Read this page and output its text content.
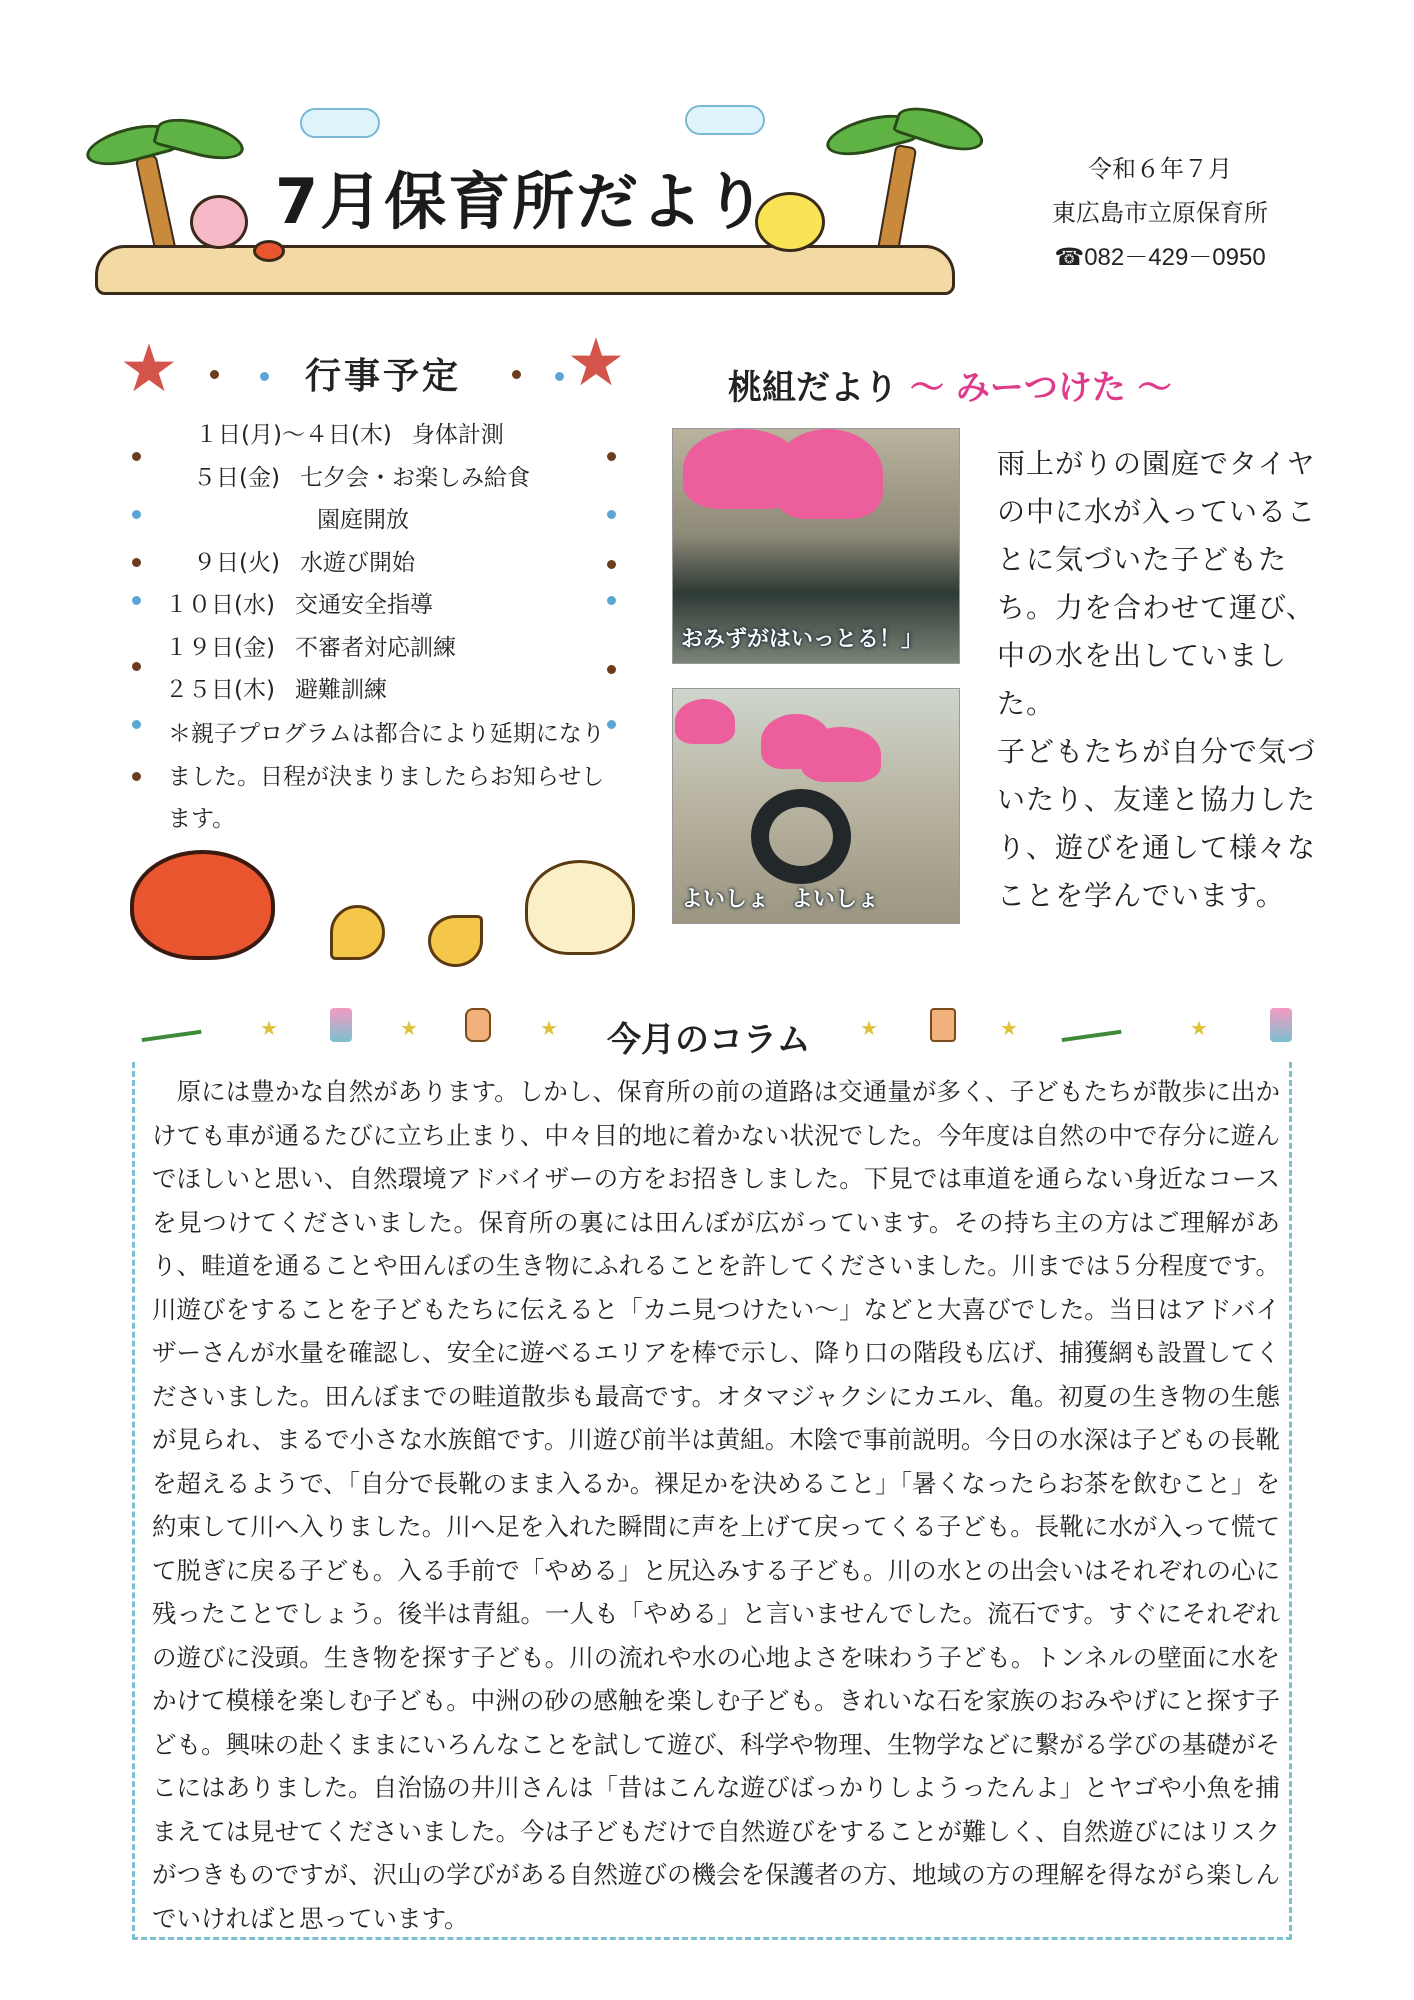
7月保育所だより	令和６年７月
東広島市立原保育所
☎082－429－0950
★	★
行事予定
１日(月)～４日(木) 身体計測
５日(金) 七夕会・お楽しみ給食
園庭開放
９日(火) 水遊び開始
１０日(水) 交通安全指導
１９日(金) 不審者対応訓練
２５日(木) 避難訓練
＊親子プログラムは都合により延期になりました。日程が決まりましたらお知らせします。
桃組だより ～ みーつけた ～
おみずがはいっとる！」
よいしょ　よいしょ
雨上がりの園庭でタイヤの中に水が入っていることに気づいた子どもたち。力を合わせて運び、中の水を出していました。
子どもたちが自分で気づいたり、友達と協力したり、遊びを通して様々なことを学んでいます。
★	★	★	★	★	★
今月のコラム
　原には豊かな自然があります。しかし、保育所の前の道路は交通量が多く、子どもたちが散歩に出かけても車が通るたびに立ち止まり、中々目的地に着かない状況でした。今年度は自然の中で存分に遊んでほしいと思い、自然環境アドバイザーの方をお招きしました。下見では車道を通らない身近なコースを見つけてくださいました。保育所の裏には田んぼが広がっています。その持ち主の方はご理解があり、畦道を通ることや田んぼの生き物にふれることを許してくださいました。川までは５分程度です。川遊びをすることを子どもたちに伝えると「カニ見つけたい～」などと大喜びでした。当日はアドバイザーさんが水量を確認し、安全に遊べるエリアを棒で示し、降り口の階段も広げ、捕獲網も設置してくださいました。田んぼまでの畦道散歩も最高です。オタマジャクシにカエル、亀。初夏の生き物の生態が見られ、まるで小さな水族館です。川遊び前半は黄組。木陰で事前説明。今日の水深は子どもの長靴を超えるようで、「自分で長靴のまま入るか。裸足かを決めること」「暑くなったらお茶を飲むこと」を約束して川へ入りました。川へ足を入れた瞬間に声を上げて戻ってくる子ども。長靴に水が入って慌てて脱ぎに戻る子ども。入る手前で「やめる」と尻込みする子ども。川の水との出会いはそれぞれの心に残ったことでしょう。後半は青組。一人も「やめる」と言いませんでした。流石です。すぐにそれぞれの遊びに没頭。生き物を探す子ども。川の流れや水の心地よさを味わう子ども。トンネルの壁面に水をかけて模様を楽しむ子ども。中洲の砂の感触を楽しむ子ども。きれいな石を家族のおみやげにと探す子ども。興味の赴くままにいろんなことを試して遊び、科学や物理、生物学などに繋がる学びの基礎がそこにはありました。自治協の井川さんは「昔はこんな遊びばっかりしようったんよ」とヤゴや小魚を捕まえては見せてくださいました。今は子どもだけで自然遊びをすることが難しく、自然遊びにはリスクがつきものですが、沢山の学びがある自然遊びの機会を保護者の方、地域の方の理解を得ながら楽しんでいければと思っています。
